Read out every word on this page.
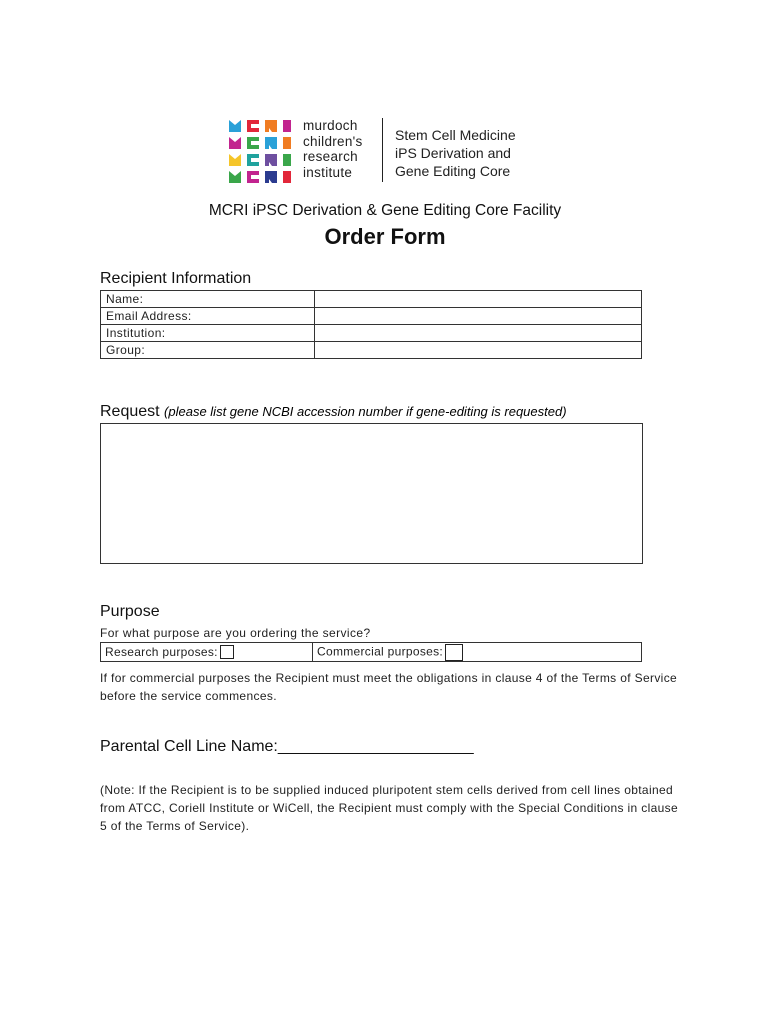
murdoch
children's
research
institute
Stem Cell Medicine
iPS Derivation and
Gene Editing Core
MCRI iPSC Derivation & Gene Editing Core Facility
Order Form
Recipient Information
Name:	
Email Address:	
Institution:	
Group:	
Request (please list gene NCBI accession number if gene-editing is requested)
Purpose
For what purpose are you ordering the service?
Research purposes:	Commercial purposes:
If for commercial purposes the Recipient must meet the obligations in clause 4 of the Terms of Service
before the service commences.
Parental Cell Line Name:______________________
(Note: If the Recipient is to be supplied induced pluripotent stem cells derived from cell lines obtained
from ATCC, Coriell Institute or WiCell, the Recipient must comply with the Special Conditions in clause
5 of the Terms of Service).
